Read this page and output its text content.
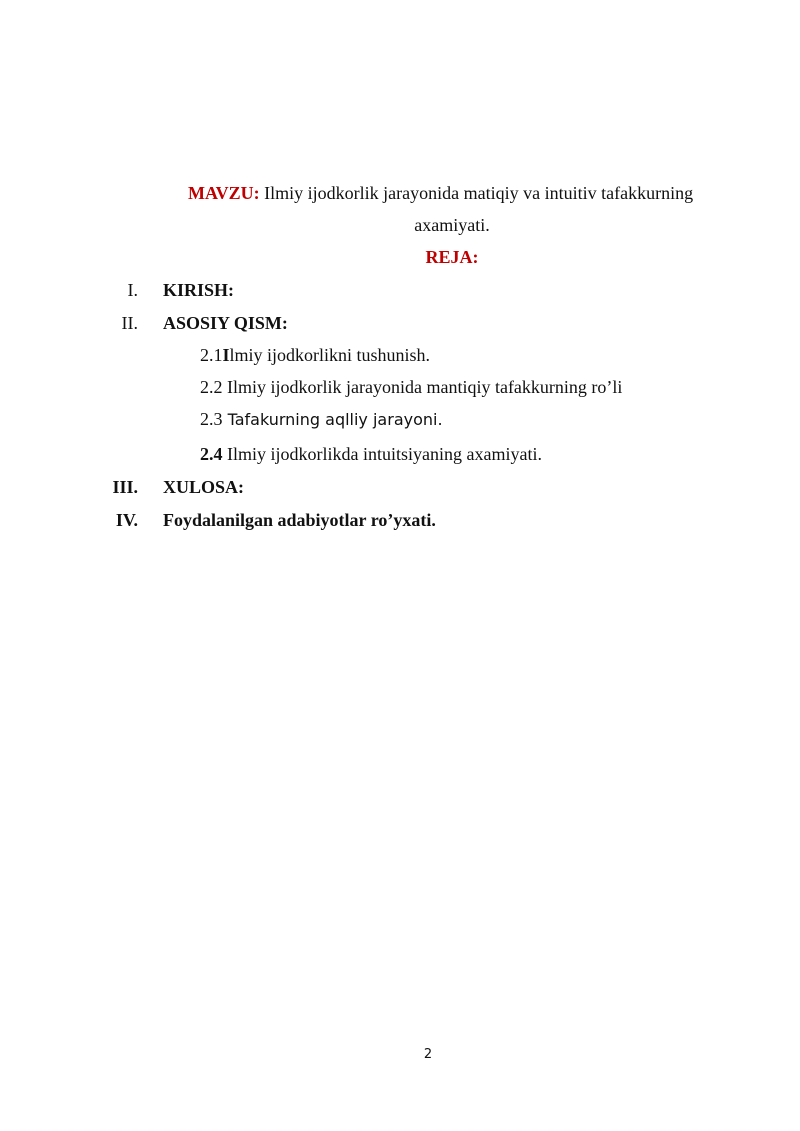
MAVZU: Ilmiy ijodkorlik jarayonida matiqiy va intuitiv tafakkurning
axamiyati.
REJA:
I. KIRISH:
II. ASOSIY QISM:
2.1Ilmiy ijodkorlikni tushunish.
2.2 Ilmiy ijodkorlik jarayonida mantiqiy tafakkurning ro’li
2.3 Tafakurning aqlliy jarayoni.
2.4 Ilmiy ijodkorlikda intuitsiyaning axamiyati.
III. XULOSA:
IV. Foydalanilgan adabiyotlar ro’yxati.
2
